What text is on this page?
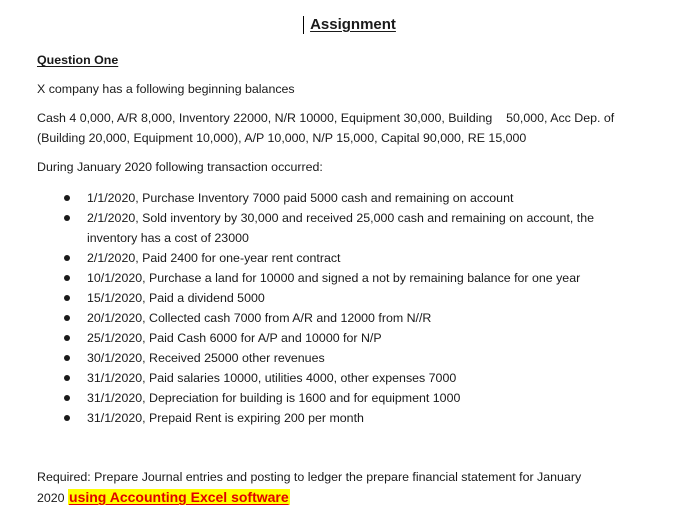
Assignment
Question One
X company has a following beginning balances
Cash 4 0,000, A/R 8,000, Inventory 22000, N/R 10000, Equipment 30,000, Building    50,000, Acc Dep. of
(Building 20,000, Equipment 10,000), A/P 10,000, N/P 15,000, Capital 90,000, RE 15,000
During January 2020 following transaction occurred:
1/1/2020, Purchase Inventory 7000 paid 5000 cash and remaining on account
2/1/2020, Sold inventory by 30,000 and received 25,000 cash and remaining on account, the
inventory has a cost of 23000
2/1/2020, Paid 2400 for one-year rent contract
10/1/2020, Purchase a land for 10000 and signed a not by remaining balance for one year
15/1/2020, Paid a dividend 5000
20/1/2020, Collected cash 7000 from A/R and 12000 from N//R
25/1/2020, Paid Cash 6000 for A/P and 10000 for N/P
30/1/2020, Received 25000 other revenues
31/1/2020, Paid salaries 10000, utilities 4000, other expenses 7000
31/1/2020, Depreciation for building is 1600 and for equipment 1000
31/1/2020, Prepaid Rent is expiring 200 per month
Required: Prepare Journal entries and posting to ledger the prepare financial statement for January
2020 using Accounting Excel software
